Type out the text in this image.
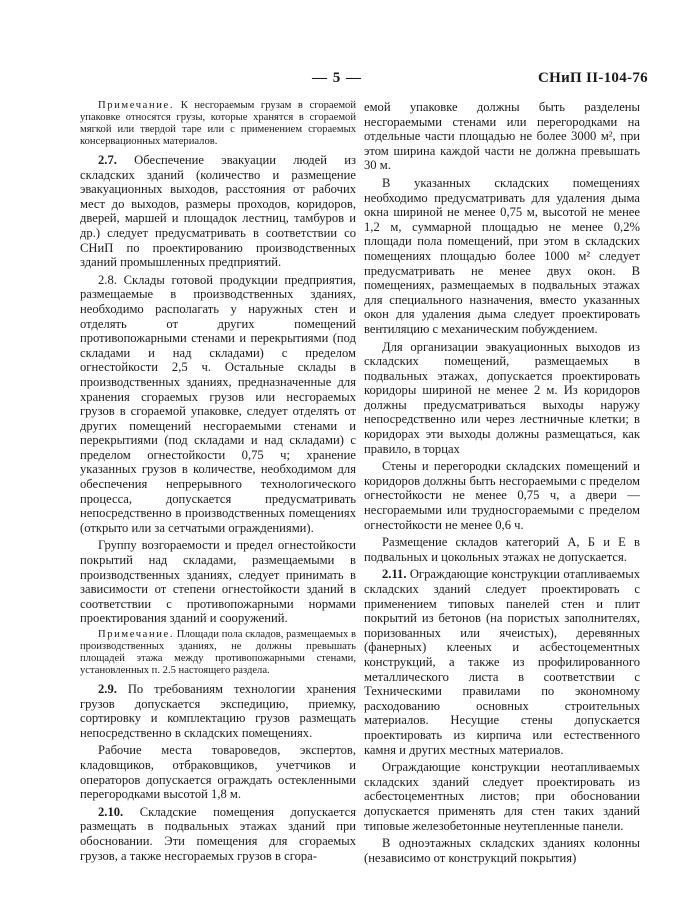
— 5 —	СНиП II-104-76

Примечание. К несгораемым грузам в сгораемой упаковке относятся грузы, которые хранятся в сгораемой мягкой или твердой таре или с применением сгораемых консервационных материалов.

2.7. Обеспечение эвакуации людей из складских зданий (количество и размещение эвакуационных выходов, расстояния от рабочих мест до выходов, размеры проходов, коридоров, дверей, маршей и площадок лестниц, тамбуров и др.) следует предусматривать в соответствии со СНиП по проектированию производственных зданий промышленных предприятий.

2.8. Склады готовой продукции предприятия, размещаемые в производственных зданиях, необходимо располагать у наружных стен и отделять от других помещений противопожарными стенами и перекрытиями (под складами и над складами) с пределом огнестойкости 2,5 ч. Остальные склады в производственных зданиях, предназначенные для хранения сгораемых грузов или несгораемых грузов в сгораемой упаковке, следует отделять от других помещений несгораемыми стенами и перекрытиями (под складами и над складами) с пределом огнестойкости 0,75 ч; хранение указанных грузов в количестве, необходимом для обеспечения непрерывного технологического процесса, допускается предусматривать непосредственно в производственных помещениях (открыто или за сетчатыми ограждениями).

Группу возгораемости и предел огнестойкости покрытий над складами, размещаемыми в производственных зданиях, следует принимать в зависимости от степени огнестойкости зданий в соответствии с противопожарными нормами проектирования зданий и сооружений.

Примечание. Площади пола складов, размещаемых в производственных зданиях, не должны превышать площадей этажа между противопожарными стенами, установленных п. 2.5 настоящего раздела.

2.9. По требованиям технологии хранения грузов допускается экспедицию, приемку, сортировку и комплектацию грузов размещать непосредственно в складских помещениях.

Рабочие места товароведов, экспертов, кладовщиков, отбраковщиков, учетчиков и операторов допускается ограждать остекленными перегородками высотой 1,8 м.

2.10. Складские помещения допускается размещать в подвальных этажах зданий при обосновании. Эти помещения для сгораемых грузов, а также несгораемых грузов в сгора-

емой упаковке должны быть разделены несгораемыми стенами или перегородками на отдельные части площадью не более 3000 м², при этом ширина каждой части не должна превышать 30 м.

В указанных складских помещениях необходимо предусматривать для удаления дыма окна шириной не менее 0,75 м, высотой не менее 1,2 м, суммарной площадью не менее 0,2% площади пола помещений, при этом в складских помещениях площадью более 1000 м² следует предусматривать не менее двух окон. В помещениях, размещаемых в подвальных этажах для специального назначения, вместо указанных окон для удаления дыма следует проектировать вентиляцию с механическим побуждением.

Для организации эвакуационных выходов из складских помещений, размещаемых в подвальных этажах, допускается проектировать коридоры шириной не менее 2 м. Из коридоров должны предусматриваться выходы наружу непосредственно или через лестничные клетки; в коридорах эти выходы должны размещаться, как правило, в торцах

Стены и перегородки складских помещений и коридоров должны быть несгораемыми с пределом огнестойкости не менее 0,75 ч, а двери — несгораемыми или трудносгораемыми с пределом огнестойкости не менее 0,6 ч.

Размещение складов категорий А, Б и Е в подвальных и цокольных этажах не допускается.

2.11. Ограждающие конструкции отапливаемых складских зданий следует проектировать с применением типовых панелей стен и плит покрытий из бетонов (на пористых заполнителях, поризованных или ячеистых), деревянных (фанерных) клееных и асбестоцементных конструкций, а также из профилированного металлического листа в соответствии с Техническими правилами по экономному расходованию основных строительных материалов. Несущие стены допускается проектировать из кирпича или естественного камня и других местных материалов.

Ограждающие конструкции неотапливаемых складских зданий следует проектировать из асбестоцементных листов; при обосновании допускается применять для стен таких зданий типовые железобетонные неутепленные панели.

В одноэтажных складских зданиях колонны (независимо от конструкций покрытия)
